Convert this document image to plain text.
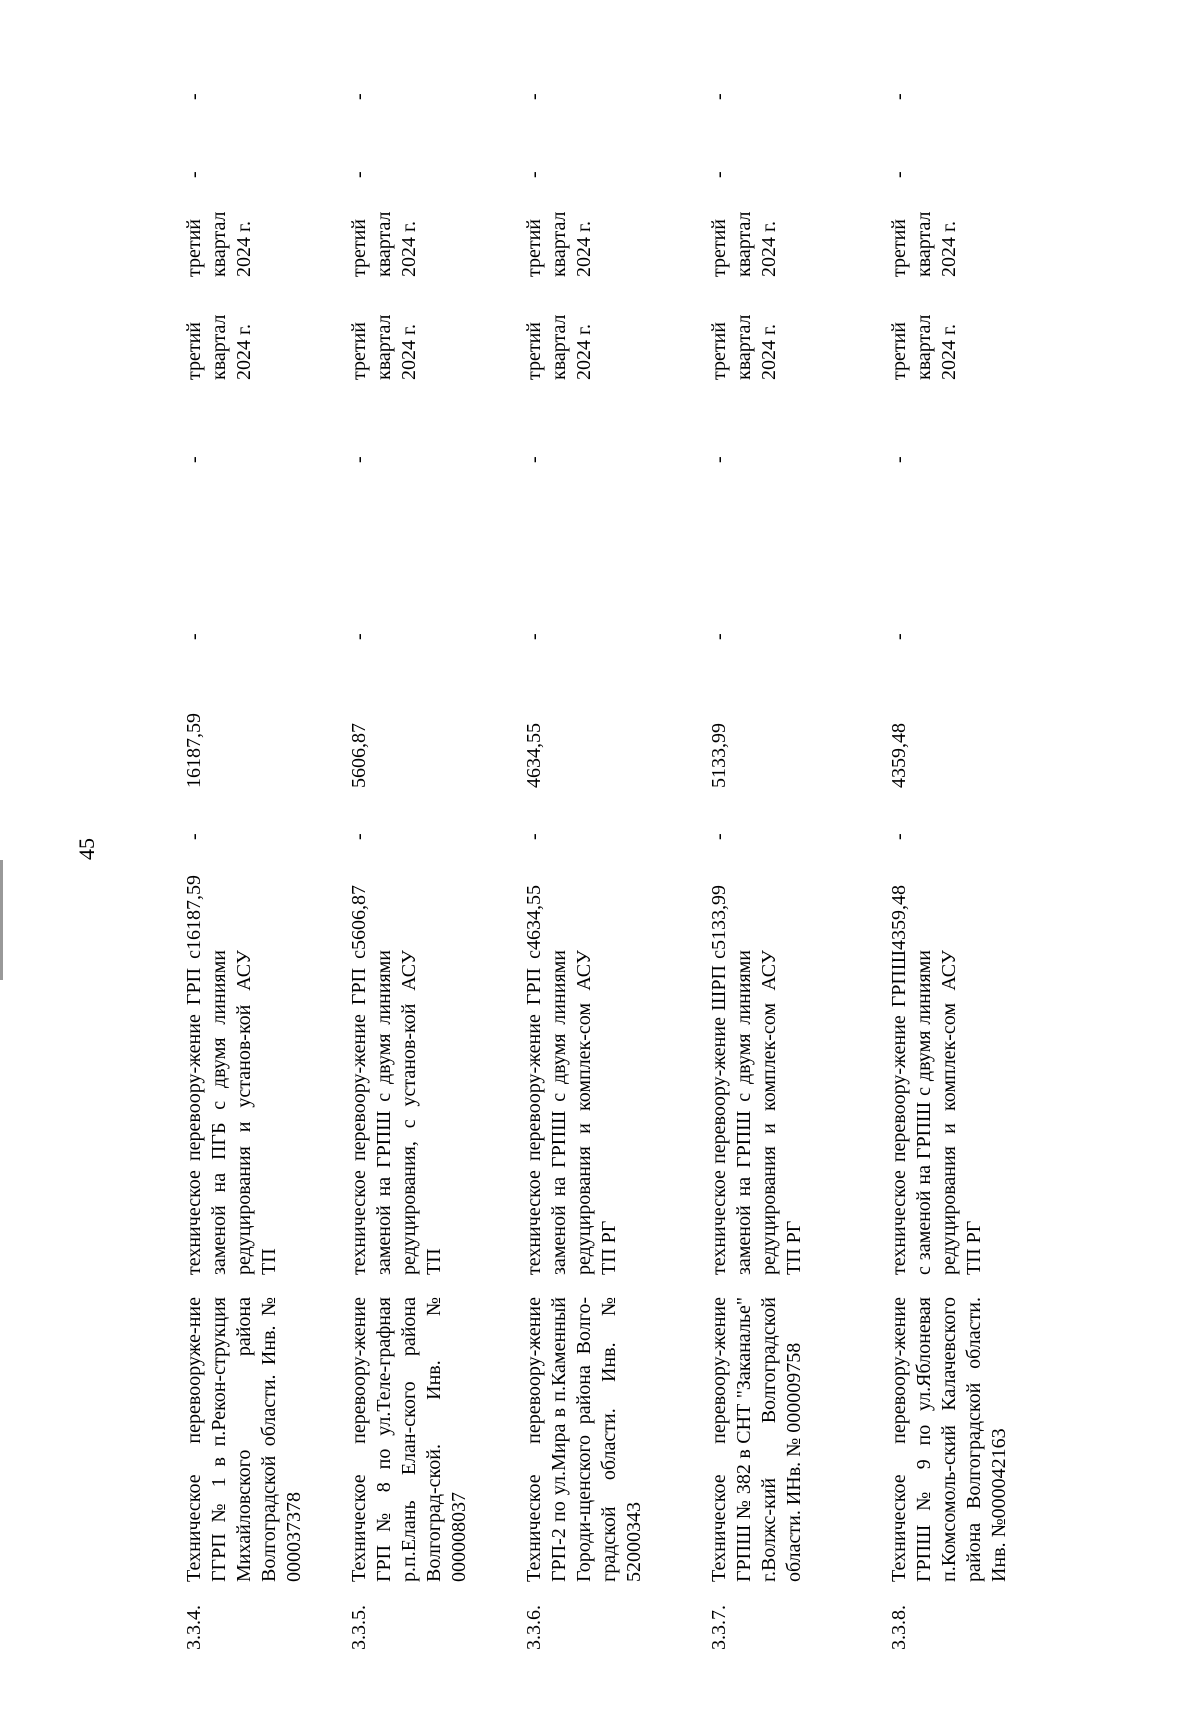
45
3.3.4.
Техническое перевооруже-ние ГГРП № 1 в п.Рекон-струкция Михайловского района Волгоградской области. Инв. № 000037378
техническое перевоору-жение ГРП с заменой на ПГБ с двумя линиями редуцирования и установ-кой АСУ ТП
16187,59
-
16187,59
-
-
третий
квартал
2024 г.
третий
квартал
2024 г.
-
-
3.3.5.
Техническое перевоору-жение ГРП № 8 по ул.Теле-графная р.п.Елань Елан-ского района Волгоград-ской. Инв. № 000008037
техническое перевоору-жение ГРП с заменой на ГРПШ с двумя линиями редуцирования, с установ-кой АСУ ТП
5606,87
-
5606,87
-
-
третий
квартал
2024 г.
третий
квартал
2024 г.
-
-
3.3.6.
Техническое перевоору-жение ГРП-2 по ул.Мира в п.Каменный Городи-щенского района Волго-градской области. Инв. № 52000343
техническое перевоору-жение ГРП с заменой на ГРПШ с двумя линиями редуцирования и комплек-сом АСУ ТП РГ
4634,55
-
4634,55
-
-
третий
квартал
2024 г.
третий
квартал
2024 г.
-
-
3.3.7.
Техническое перевоору-жение ГРПШ № 382 в СНТ "Заканалье" г.Волжс-кий Волгоградской области. ИНв. № 000009758
техническое перевоору-жение ШРП с заменой на ГРПШ с двумя линиями редуцирования и комплек-сом АСУ ТП РГ
5133,99
-
5133,99
-
-
третий
квартал
2024 г.
третий
квартал
2024 г.
-
-
3.3.8.
Техническое перевоору-жение ГРПШ № 9 по ул.Яблоневая п.Комсомоль-ский Калачевского района Волгоградской области. Инв. №000042163
техническое перевоору-жение ГРПШ с заменой на ГРПШ с двумя линиями редуцирования и комплек-сом АСУ ТП РГ
4359,48
-
4359,48
-
-
третий
квартал
2024 г.
третий
квартал
2024 г.
-
-
